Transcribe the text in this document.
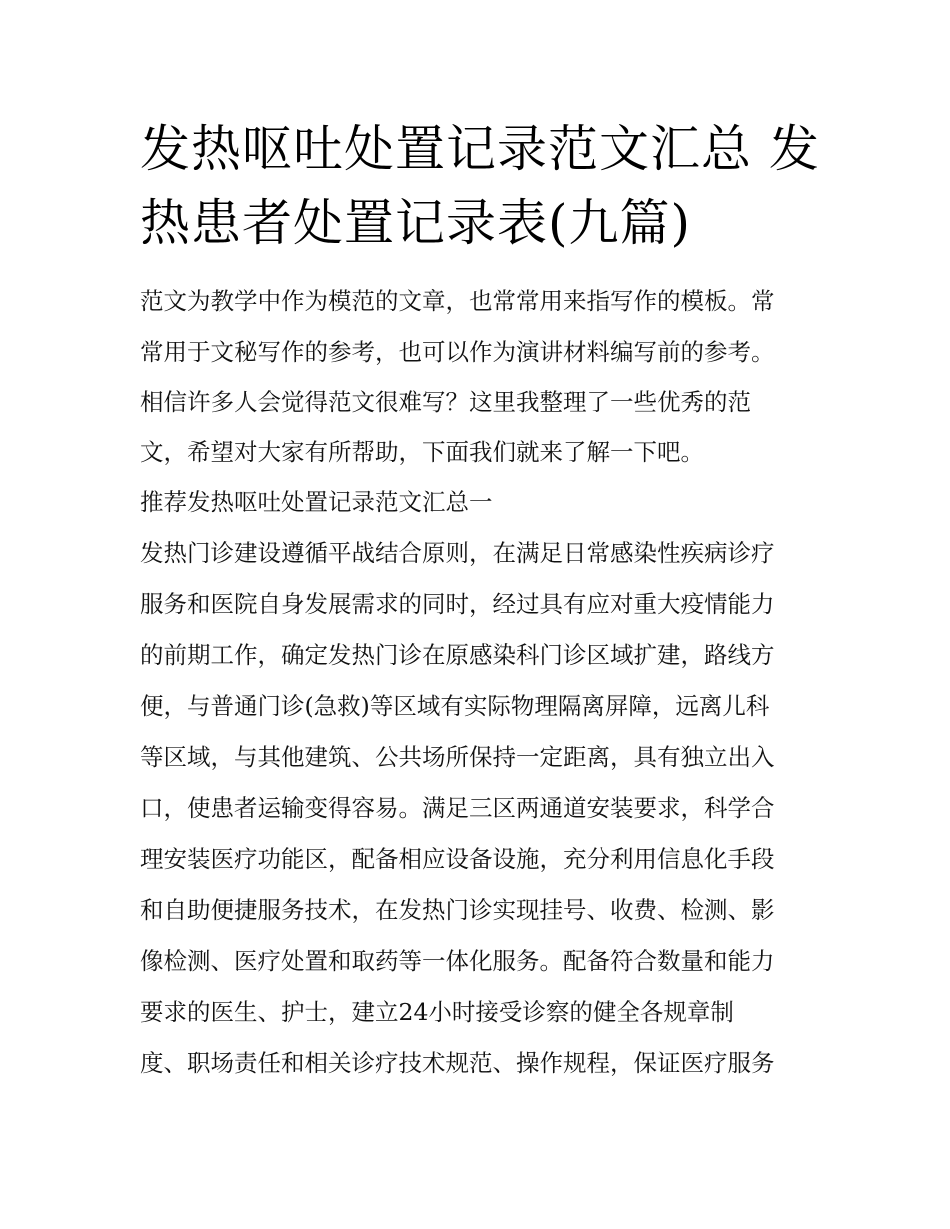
发热呕吐处置记录范文汇总 发
热患者处置记录表(九篇)
范文为教学中作为模范的文章，也常常用来指写作的模板。常
常用于文秘写作的参考，也可以作为演讲材料编写前的参考。
相信许多人会觉得范文很难写？这里我整理了一些优秀的范
文，希望对大家有所帮助，下面我们就来了解一下吧。
推荐发热呕吐处置记录范文汇总一
发热门诊建设遵循平战结合原则，在满足日常感染性疾病诊疗
服务和医院自身发展需求的同时，经过具有应对重大疫情能力
的前期工作，确定发热门诊在原感染科门诊区域扩建，路线方
便，与普通门诊(急救)等区域有实际物理隔离屏障，远离儿科
等区域，与其他建筑、公共场所保持一定距离，具有独立出入
口，使患者运输变得容易。满足三区两通道安装要求，科学合
理安装医疗功能区，配备相应设备设施，充分利用信息化手段
和自助便捷服务技术，在发热门诊实现挂号、收费、检测、影
像检测、医疗处置和取药等一体化服务。配备符合数量和能力
要求的医生、护士，建立24小时接受诊察的健全各规章制
度、职场责任和相关诊疗技术规范、操作规程，保证医疗服务
